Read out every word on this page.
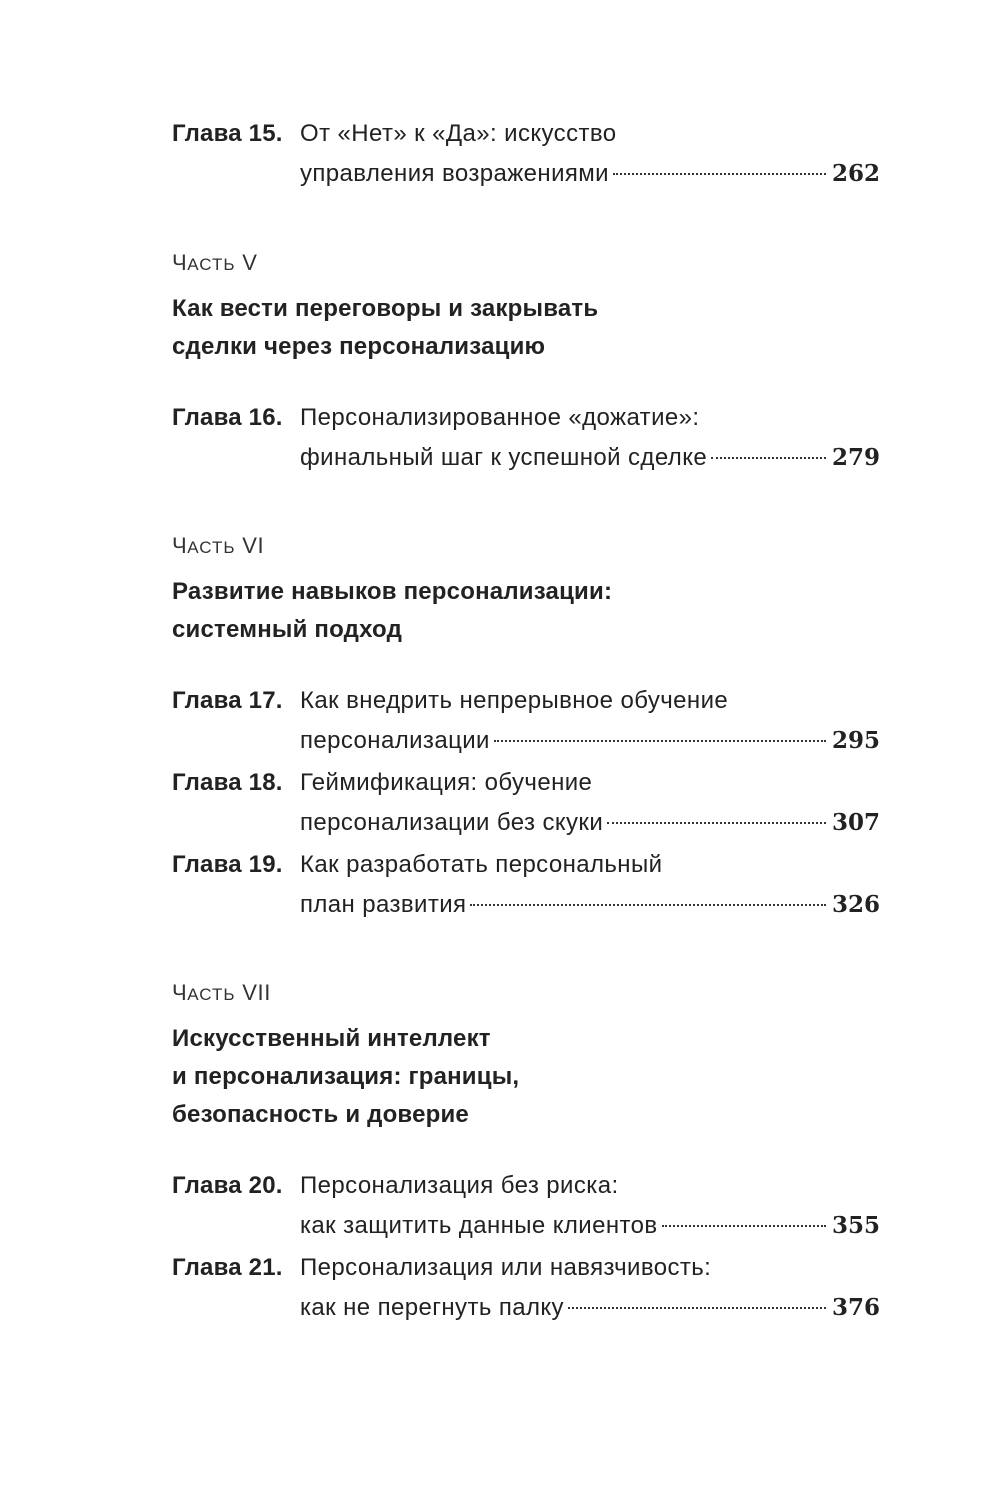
Глава 15. От «Нет» к «Да»: искусство
управления возражениями	262
ЧАСТЬ V
Как вести переговоры и закрывать
сделки через персонализацию
Глава 16. Персонализированное «дожатие»:
финальный шаг к успешной сделке	279
ЧАСТЬ VI
Развитие навыков персонализации:
системный подход
Глава 17. Как внедрить непрерывное обучение
персонализации	295
Глава 18. Геймификация: обучение
персонализации без скуки	307
Глава 19. Как разработать персональный
план развития	326
ЧАСТЬ VII
Искусственный интеллект
и персонализация: границы,
безопасность и доверие
Глава 20. Персонализация без риска:
как защитить данные клиентов	355
Глава 21. Персонализация или навязчивость:
как не перегнуть палку	376
